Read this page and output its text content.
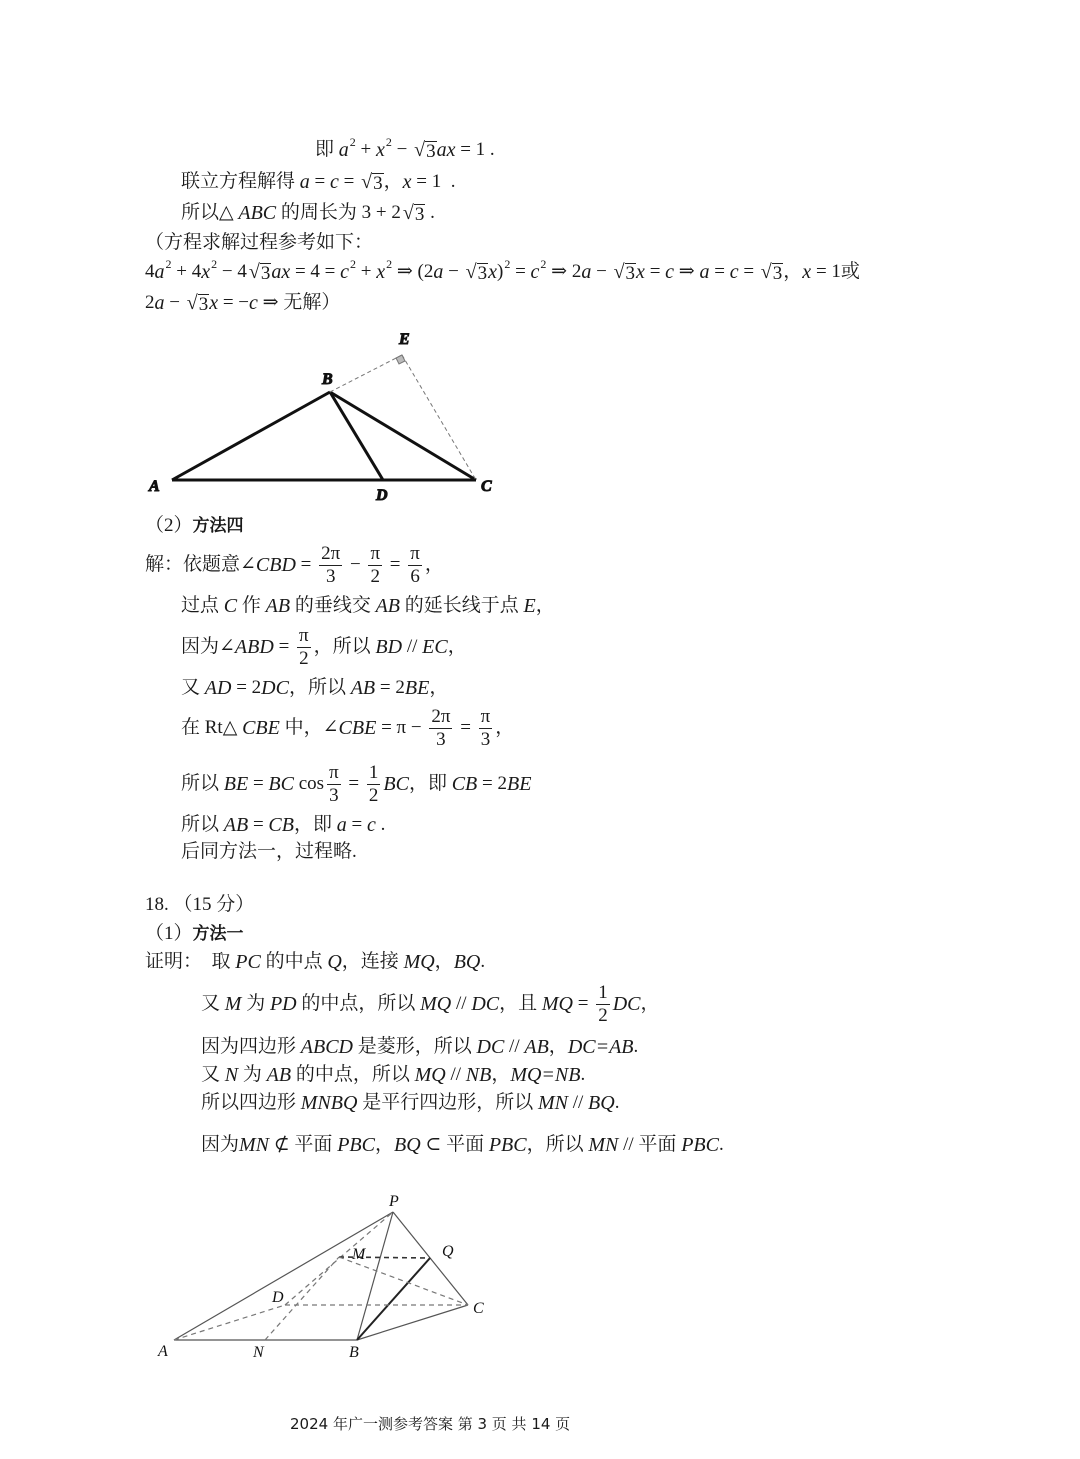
即 a 2 + x 2 − √ 3 ax = 1 .
联立方程解得 a = c = √ 3 ， x = 1  .
所以△ ABC 的周长为 3 + 2 √ 3 .
（方程求解过程参考如下：
4 a 2 + 4 x 2 − 4 √ 3 ax = 4 = c 2 + x 2 ⇒ (2 a − √ 3 x ) 2 = c 2 ⇒ 2 a − √ 3 x = c ⇒ a = c = √ 3 ， x = 1或
2 a − √ 3 x = − c ⇒ 无解）
（2） 方法四
解：依题意∠ CBD = $\frac{2\pi}{3} - \frac{\pi}{2} = \frac{\pi}{6}$ ，
过点 C 作 AB 的垂线交 AB 的延长线于点 E ，
因为∠ ABD = $\frac{\pi}{2}$ ，所以 BD // EC ，
又 AD = 2 DC ，所以 AB = 2 BE ，
在 Rt△ CBE 中，∠ CBE = $\pi - \frac{2\pi}{3} = \frac{\pi}{3}$ ，
所以 BE = BC $\cos \frac{\pi}{3} = \frac{1}{2}$ BC ，即 CB = 2 BE
所以 AB = CB ，即 a = c .
后同方法一，过程略.
18. （15 分）
（1） 方法一
证明：  取 PC 的中点 Q ，连接 MQ ， BQ .
又 M 为 PD 的中点，所以 MQ // DC ，且 MQ = $\frac{1}{2}$ DC ，
因为四边形 ABCD 是菱形，所以 DC // AB ， DC=AB .
又 N 为 AB 的中点，所以 MQ // NB ， MQ=NB .
所以四边形 MNBQ 是平行四边形，所以 MN // BQ .
因为 MN ⊄ 平面 PBC ， BQ ⊂ 平面 PBC ，所以 MN // 平面 PBC .
A
B
C
D
E
P
M	Q
D
C
A	N	B
2024 年广一测参考答案 第 3 页 共 14 页
